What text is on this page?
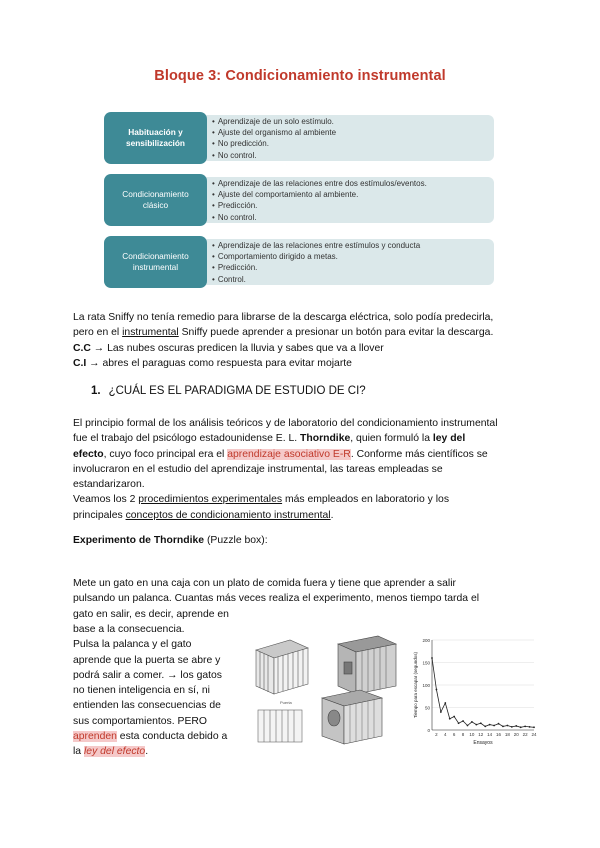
Bloque 3: Condicionamiento instrumental
• Aprendizaje de un solo estímulo.
• Ajuste del organismo al ambiente
• No predicción.
• No control.
Habituación y sensibilización
• Aprendizaje de las relaciones entre dos estímulos/eventos.
• Ajuste del comportamiento al ambiente.
• Predicción.
• No control.
Condicionamiento clásico
• Aprendizaje de las relaciones entre estímulos y conducta
• Comportamiento dirigido a metas.
• Predicción.
• Control.
Condicionamiento instrumental
La rata Sniffy no tenía remedio para librarse de la descarga eléctrica, solo podía predecirla,
pero en el instrumental Sniffy puede aprender a presionar un botón para evitar la descarga.
C.C → Las nubes oscuras predicen la lluvia y sabes que va a llover
C.I → abres el paraguas como respuesta para evitar mojarte
1. ¿CUÁL ES EL PARADIGMA DE ESTUDIO DE CI?
El principio formal de los análisis teóricos y de laboratorio del condicionamiento instrumental
fue el trabajo del psicólogo estadounidense E. L. Thorndike, quien formuló la ley del
efecto, cuyo foco principal era el aprendizaje asociativo E-R. Conforme más científicos se
involucraron en el estudio del aprendizaje instrumental, las tareas empleadas se
estandarizaron.
Veamos los 2 procedimientos experimentales más empleados en laboratorio y los
principales conceptos de condicionamiento instrumental.
Experimento de Thorndike (Puzzle box):
Mete un gato en una caja con un plato de comida fuera y tiene que aprender a salir
pulsando un palanca. Cuantas más veces realiza el experimento, menos tiempo tarda el
gato en salir, es decir, aprende en
base a la consecuencia.
Pulsa la palanca y el gato
aprende que la puerta se abre y
podrá salir a comer. → los gatos
no tienen inteligencia en sí, ni
entienden las consecuencias de
sus comportamientos. PERO
aprenden esta conducta debido a
la ley del efecto.
Puerta
0
50
100
150
200
2 4 6 8 10 12 14 16 18 20 22 24
Ensayos
Tiempo para escapar (segundos)
